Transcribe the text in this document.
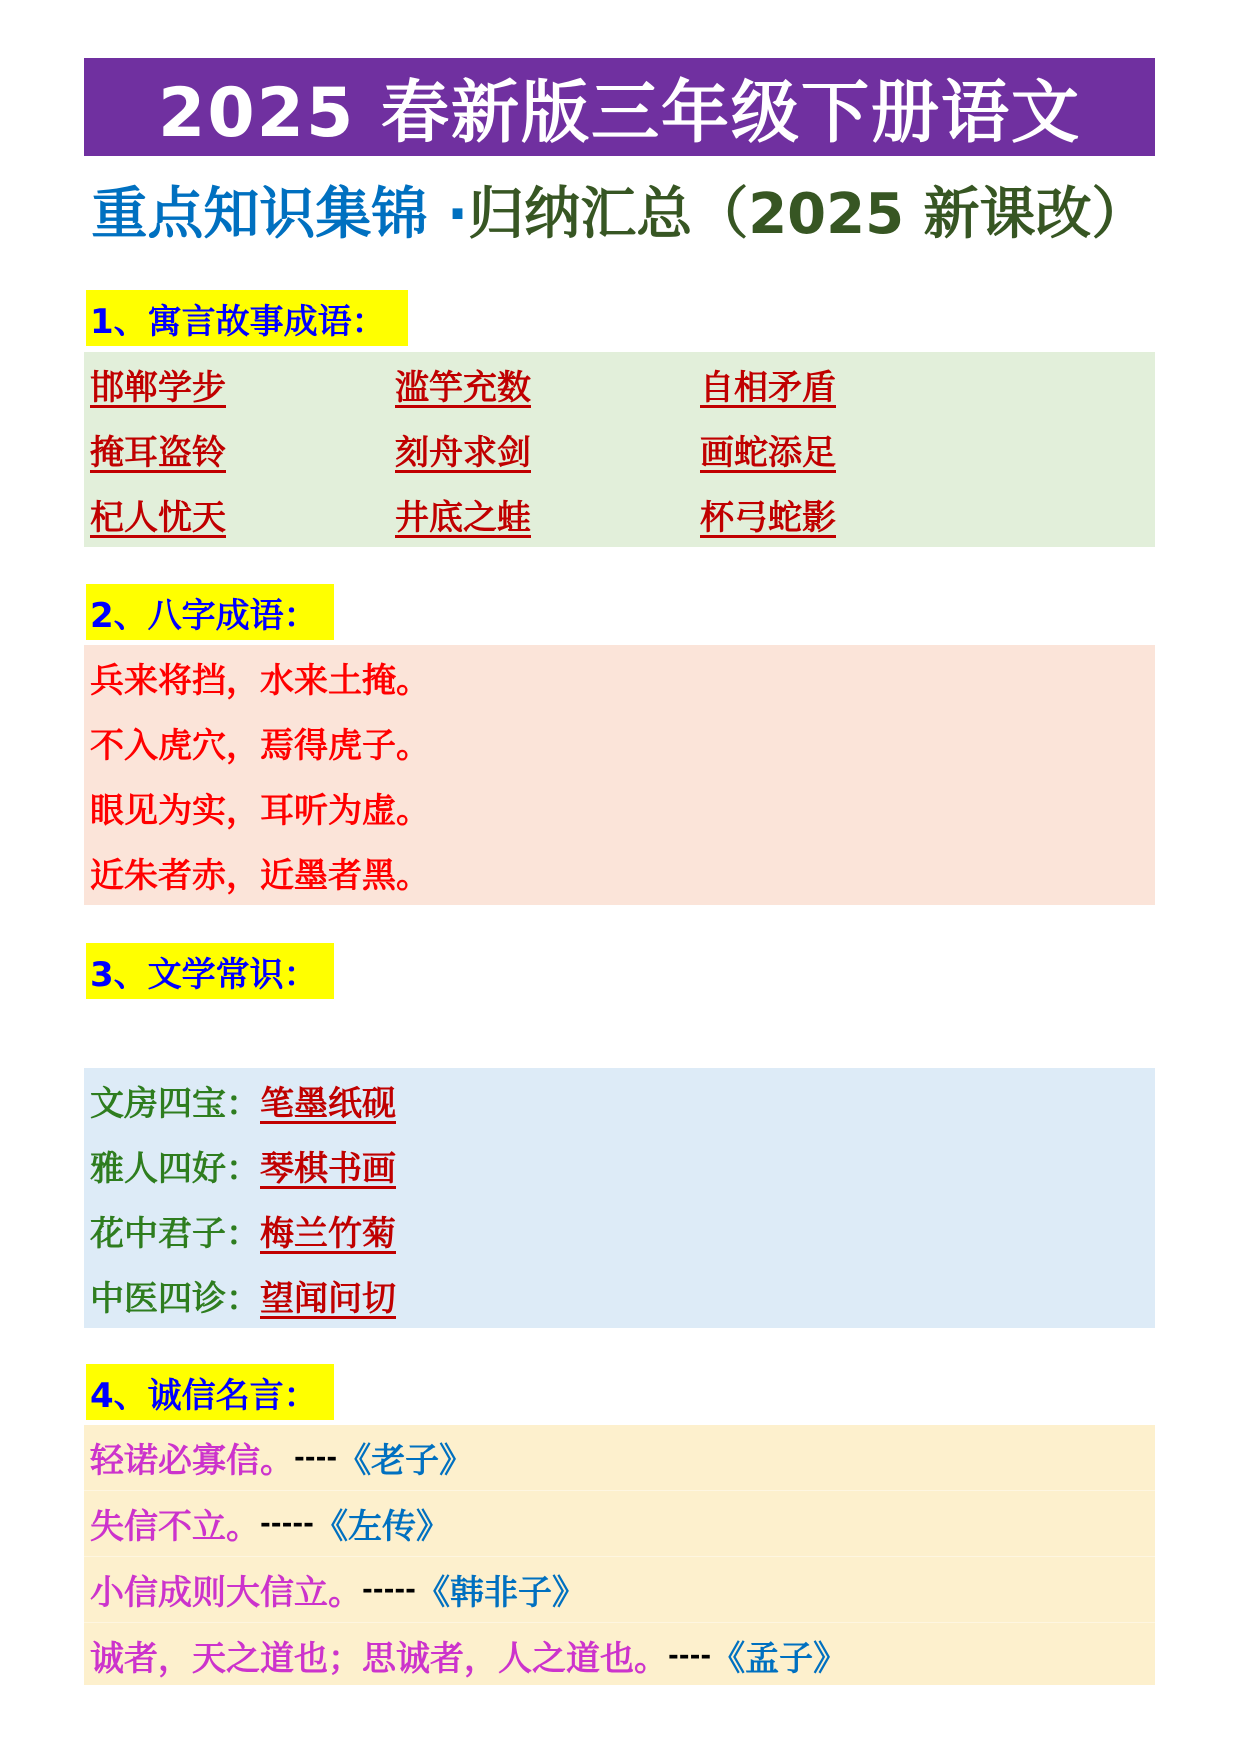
2025 春新版三年级下册语文
重点知识集锦 · 归纳汇总（2025 新课改）
1、寓言故事成语：
邯郸学步	滥竽充数	自相矛盾
掩耳盗铃	刻舟求剑	画蛇添足
杞人忧天	井底之蛙	杯弓蛇影
2、八字成语：
兵来将挡，水来土掩。
不入虎穴，焉得虎子。
眼见为实，耳听为虚。
近朱者赤，近墨者黑。
3、文学常识：
文房四宝： 笔墨纸砚
雅人四好： 琴棋书画
花中君子： 梅兰竹菊
中医四诊： 望闻问切
4、诚信名言：
轻诺必寡信。 ---- 《老子》
失信不立。 ----- 《左传》
小信成则大信立。 ----- 《韩非子》
诚者，天之道也；思诚者，人之道也。 ---- 《孟子》
